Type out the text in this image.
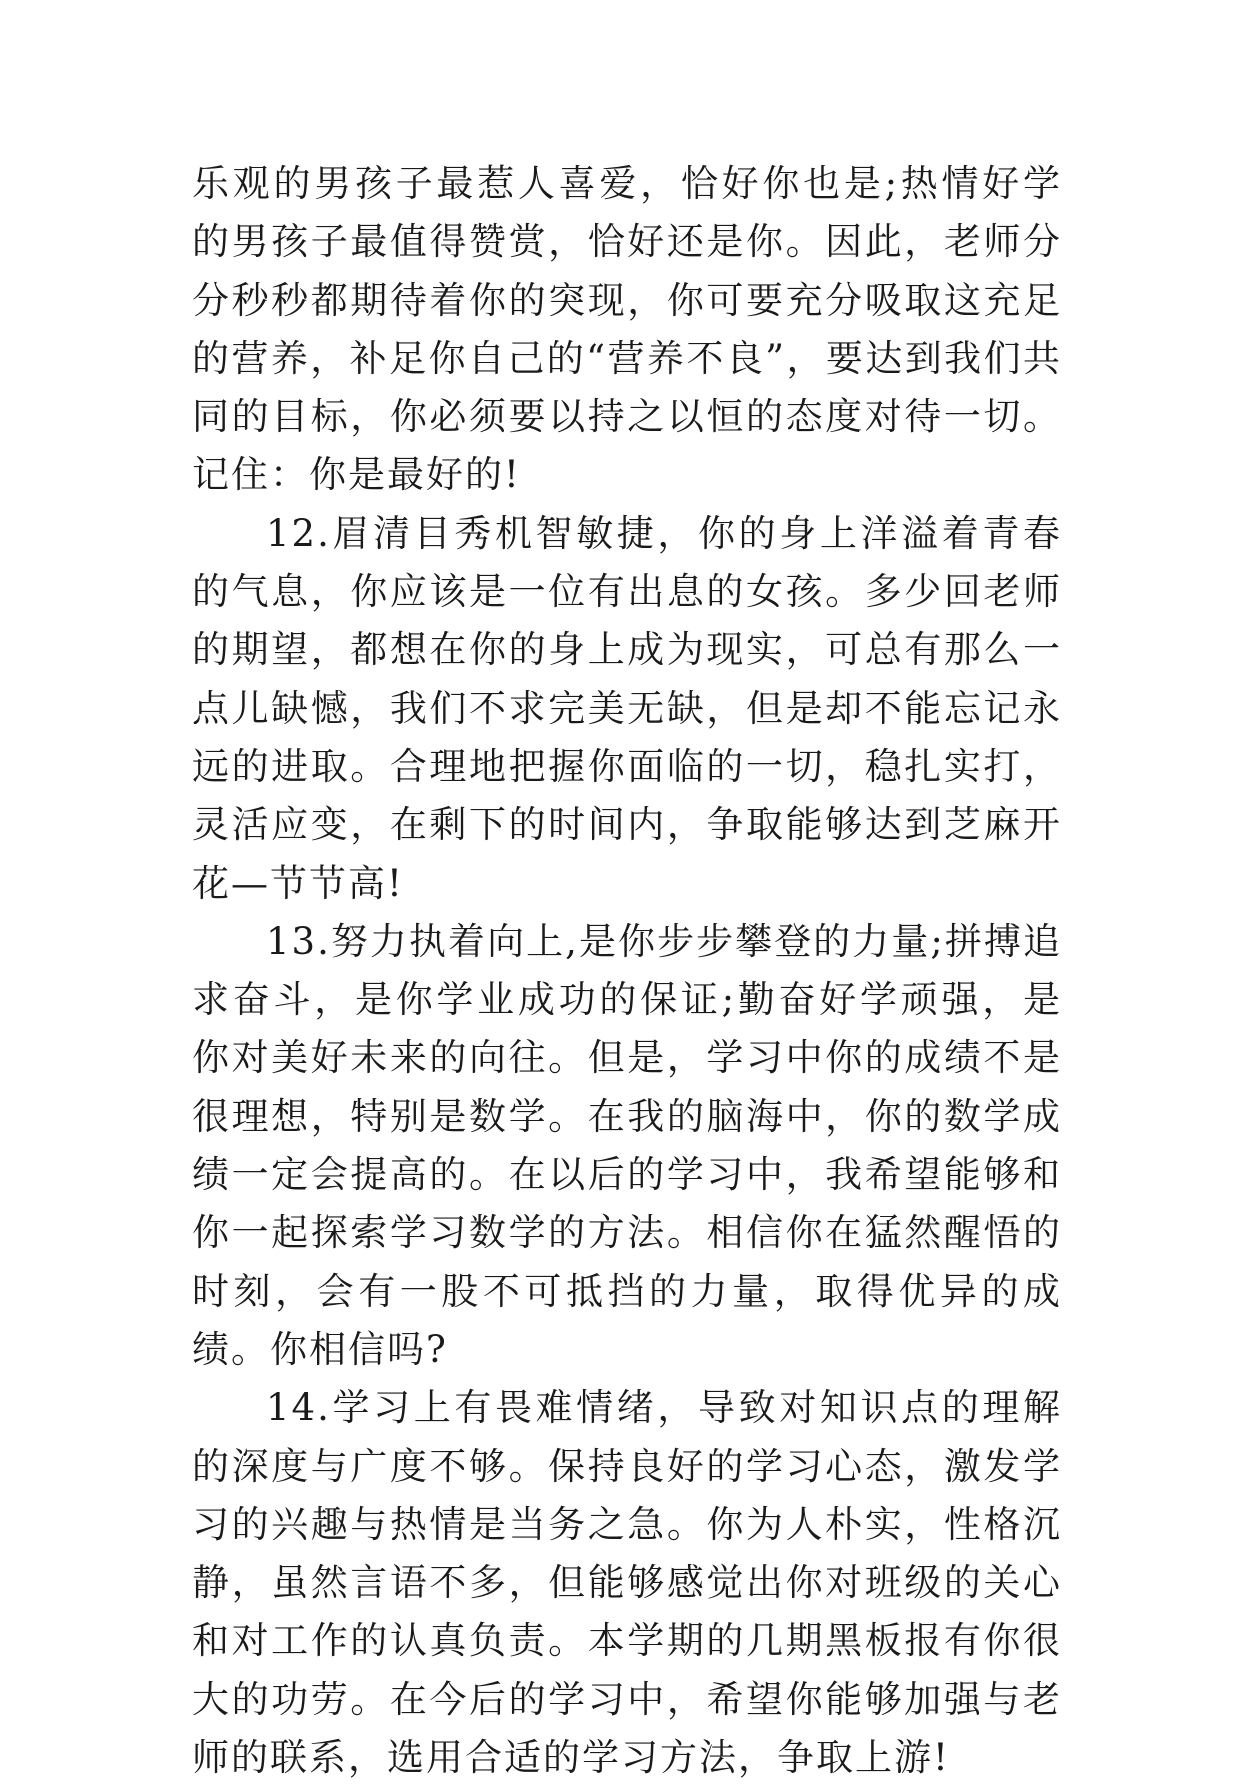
乐观的男孩子最惹人喜爱，恰好你也是;热情好学的男孩子最值得赞赏，恰好还是你。因此，老师分分秒秒都期待着你的突现，你可要充分吸取这充足的营养，补足你自己的“营养不良”，要达到我们共同的目标，你必须要以持之以恒的态度对待一切。记住：你是最好的!

12.眉清目秀机智敏捷，你的身上洋溢着青春的气息，你应该是一位有出息的女孩。多少回老师的期望，都想在你的身上成为现实，可总有那么一点儿缺憾，我们不求完美无缺，但是却不能忘记永远的进取。合理地把握你面临的一切，稳扎实打，灵活应变，在剩下的时间内，争取能够达到芝麻开花—节节高!

13.努力执着向上,是你步步攀登的力量;拼搏追求奋斗，是你学业成功的保证;勤奋好学顽强，是你对美好未来的向往。但是，学习中你的成绩不是很理想，特别是数学。在我的脑海中，你的数学成绩一定会提高的。在以后的学习中，我希望能够和你一起探索学习数学的方法。相信你在猛然醒悟的时刻，会有一股不可抵挡的力量，取得优异的成绩。你相信吗?

14.学习上有畏难情绪，导致对知识点的理解的深度与广度不够。保持良好的学习心态，激发学习的兴趣与热情是当务之急。你为人朴实，性格沉静，虽然言语不多，但能够感觉出你对班级的关心和对工作的认真负责。本学期的几期黑板报有你很大的功劳。在今后的学习中，希望你能够加强与老师的联系，选用合适的学习方法，争取上游!
